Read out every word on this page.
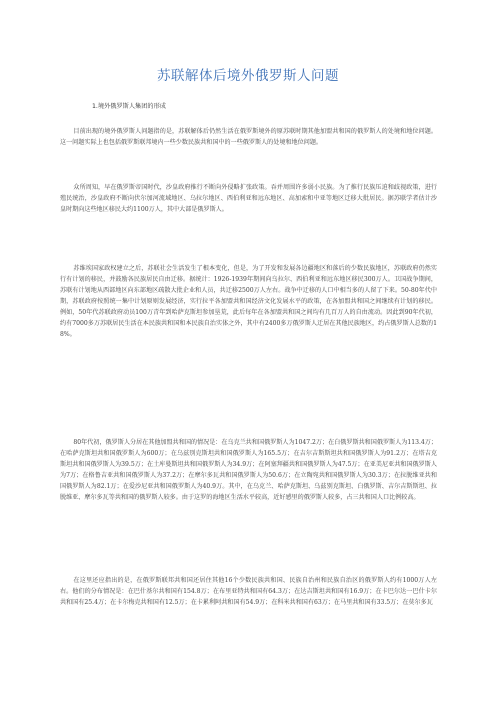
苏联解体后境外俄罗斯人问题
1.境外俄罗斯人集团的形成

目前出现的境外俄罗斯人问题指的是，苏联解体后仍然生活在俄罗斯境外的原苏联时期其他加盟共和国的俄罗斯人的处境和地位问题。这一问题实际上也包括俄罗斯联邦境内一些少数民族共和国中的一些俄罗斯人的处境和地位问题。

众所周知，早在俄罗斯帝国时代，沙皇政府推行不断向外侵略扩张政策。吞并周围许多弱小民族。为了推行民族压迫和歧视政策，进行殖民统治，沙皇政府不断向伏尔加河流域地区、乌拉尔地区、西伯利亚和远东地区、高加索和中亚等地区迁移大批居民。据苏联学者估计沙皇时期向这些地区移民大约1100万人，其中大部是俄罗斯人。

苏维埃国家政权建立之后，苏联社会生活发生了根本变化，但是，为了开发和发展各边疆地区和落后的少数民族地区，苏联政府仍然实行有计划的移民，并鼓励各民族居民自由迁移。据统计：1926-1939年期间向乌拉尔、西伯利亚和远东地区移民300万人。卫国战争期间，苏联有计划地从西部地区向东部地区疏散大批企业和人员，共迁移2500万人左右。战争中迁移的人口中相当多的人留了下来。50-80年代中期，苏联政府按照统一集中计划原则发展经济，实行拉平各加盟共和国经济文化发展水平的政策，在各加盟共和国之间继续有计划的移民。例如，50年代苏联政府动员100万青年到哈萨克斯坦参加垦荒，此后每年在各加盟共和国之间均有几百万人的自由流动。因此到90年代初，约有7000多万苏联居民生活在本民族共和国和本民族自治实体之外，其中有2400多万俄罗斯人迁居在其他民族地区，约占俄罗斯人总数的18%。

80年代初，俄罗斯人分居在其他加盟共和国的情况是：在乌克兰共和国俄罗斯人为1047.2万；在白俄罗斯共和国俄罗斯人为113.4万；在哈萨克斯坦共和国俄罗斯人为600万；在乌兹别克斯坦共和国俄罗斯人为165.5万；在吉尔吉斯斯坦共和国俄罗斯人为91.2万；在塔吉克斯坦共和国俄罗斯人为39.5万；在土库曼斯坦共和国俄罗斯人为34.9万；在阿塞拜疆共和国俄罗斯人为47.5万；在亚美尼亚共和国俄罗斯人为7万；在格鲁吉亚共和国俄罗斯人为37.2万；在摩尔多瓦共和国俄罗斯人为50.6万；在立陶宛共和国俄罗斯人为30.3万；在拉脱维亚共和国俄罗斯人为82.1万；在爱沙尼亚共和国俄罗斯人为40.9万。其中，在乌克兰、哈萨克斯坦、乌兹别克斯坦、白俄罗斯、吉尔吉斯斯坦、拉脱维亚、摩尔多瓦等共和国的俄罗斯人较多。由于这罗的海地区生活水平较高，近好感里的俄罗斯人较多，占三共和国人口比例较高。

在这里还应指出的是，在俄罗斯联邦共和国还居住其他16个少数民族共和国、民族自治州和民族自治区的俄罗斯人约有1000万人左右。他们的分布情况是：在巴什基尔共和国有154.8万；在布里亚特共和国有64.3万；在达吉斯坦共和国有16.9万；在卡巴尔达一巴什卡尔共和国有25.4万；在卡尔梅克共和国有12.5万；在卡累利阿共和国有54.9万；在科米共和国有63万；在马里共和国有33.5万；在莫尔多瓦
